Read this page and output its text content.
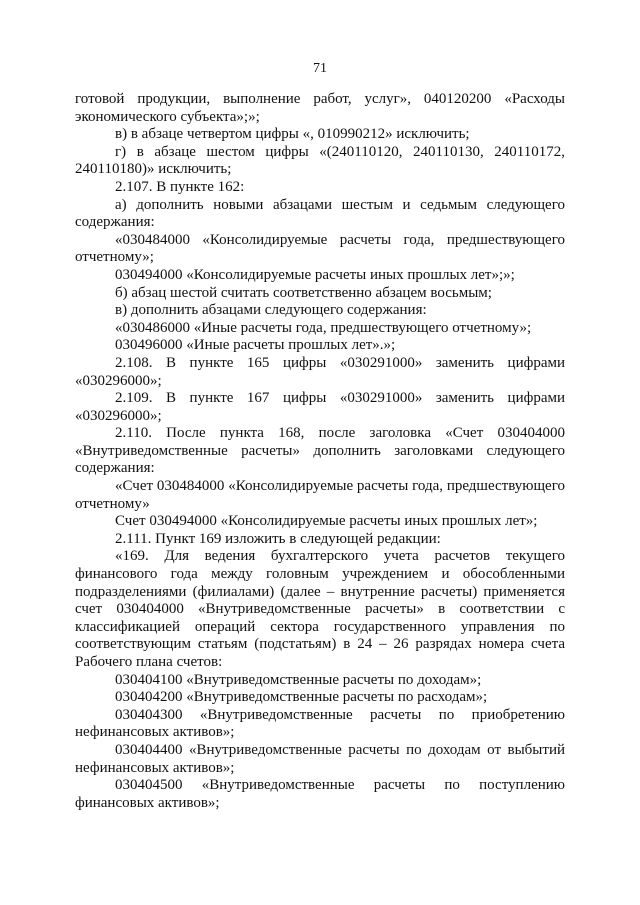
71

готовой продукции, выполнение работ, услуг», 040120200 «Расходы экономического субъекта»;»;

в) в абзаце четвертом цифры «, 010990212» исключить;

г) в абзаце шестом цифры «(240110120, 240110130, 240110172, 240110180)» исключить;

2.107. В пункте 162:

а) дополнить новыми абзацами шестым и седьмым следующего содержания:

«030484000 «Консолидируемые расчеты года, предшествующего отчетному»;

030494000 «Консолидируемые расчеты иных прошлых лет»;»;

б) абзац шестой считать соответственно абзацем восьмым;

в) дополнить абзацами следующего содержания:

«030486000 «Иные расчеты года, предшествующего отчетному»;

030496000 «Иные расчеты прошлых лет».»;

2.108. В пункте 165 цифры «030291000» заменить цифрами «030296000»;

2.109. В пункте 167 цифры «030291000» заменить цифрами «030296000»;

2.110. После пункта 168, после заголовка «Счет 030404000 «Внутриведомственные расчеты» дополнить заголовками следующего содержания:

«Счет 030484000 «Консолидируемые расчеты года, предшествующего отчетному»

Счет 030494000 «Консолидируемые расчеты иных прошлых лет»;

2.111. Пункт 169 изложить в следующей редакции:

«169. Для ведения бухгалтерского учета расчетов текущего финансового года между головным учреждением и обособленными подразделениями (филиалами) (далее – внутренние расчеты) применяется счет 030404000 «Внутриведомственные расчеты» в соответствии с классификацией операций сектора государственного управления по соответствующим статьям (подстатьям) в 24 – 26 разрядах номера счета Рабочего плана счетов:

030404100 «Внутриведомственные расчеты по доходам»;

030404200 «Внутриведомственные расчеты по расходам»;

030404300 «Внутриведомственные расчеты по приобретению нефинансовых активов»;

030404400 «Внутриведомственные расчеты по доходам от выбытий нефинансовых активов»;

030404500 «Внутриведомственные расчеты по поступлению финансовых активов»;
